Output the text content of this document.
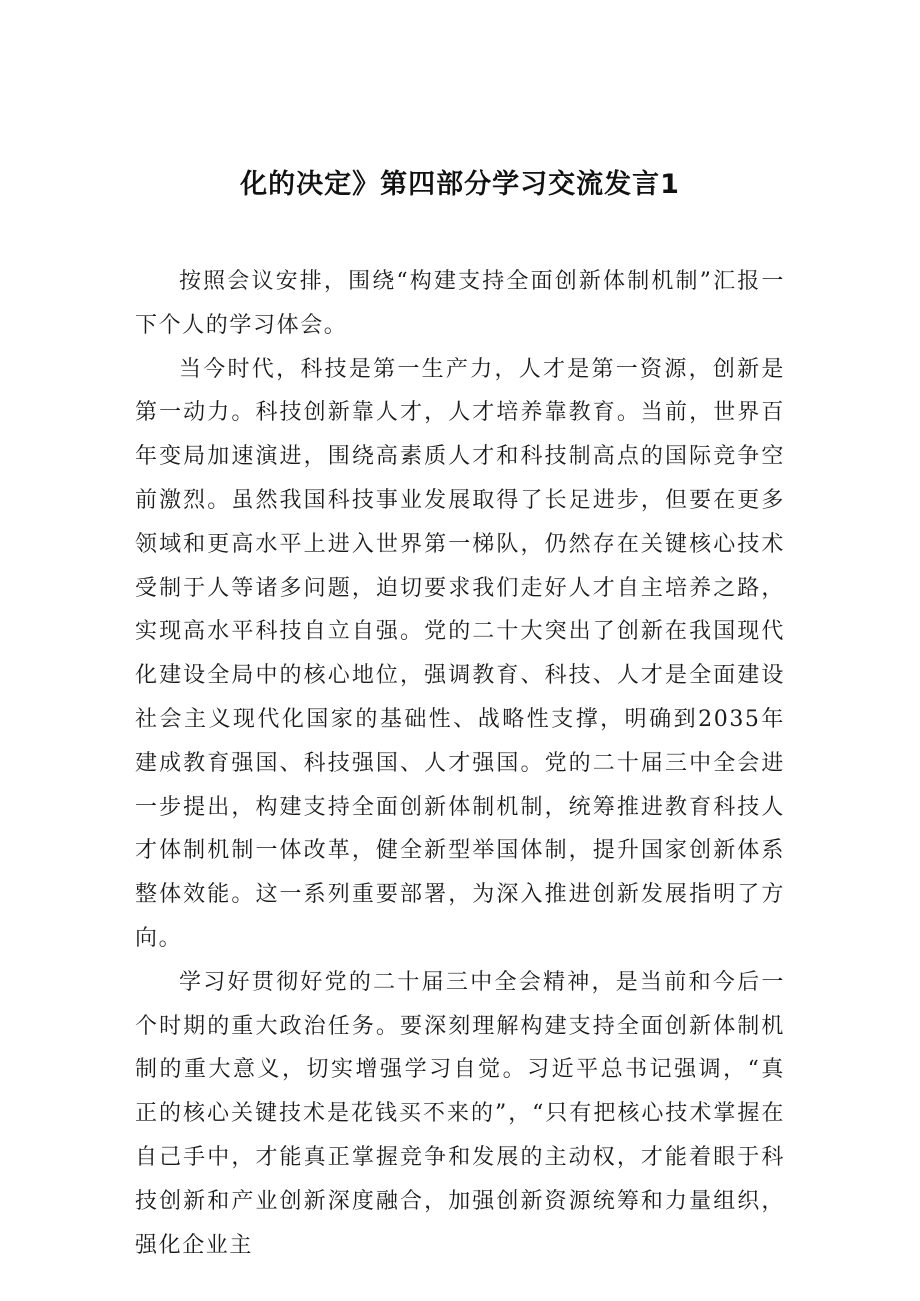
化的决定》第四部分学习交流发言1

按照会议安排，围绕“构建支持全面创新体制机制”汇报一下个人的学习体会。

当今时代，科技是第一生产力，人才是第一资源，创新是第一动力。科技创新靠人才，人才培养靠教育。当前，世界百年变局加速演进，围绕高素质人才和科技制高点的国际竞争空前激烈。虽然我国科技事业发展取得了长足进步，但要在更多领域和更高水平上进入世界第一梯队，仍然存在关键核心技术受制于人等诸多问题，迫切要求我们走好人才自主培养之路，实现高水平科技自立自强。党的二十大突出了创新在我国现代化建设全局中的核心地位，强调教育、科技、人才是全面建设社会主义现代化国家的基础性、战略性支撑，明确到2035年建成教育强国、科技强国、人才强国。党的二十届三中全会进一步提出，构建支持全面创新体制机制，统筹推进教育科技人才体制机制一体改革，健全新型举国体制，提升国家创新体系整体效能。这一系列重要部署，为深入推进创新发展指明了方向。

学习好贯彻好党的二十届三中全会精神，是当前和今后一个时期的重大政治任务。要深刻理解构建支持全面创新体制机制的重大意义，切实增强学习自觉。习近平总书记强调，“真正的核心关键技术是花钱买不来的”，“只有把核心技术掌握在自己手中，才能真正掌握竞争和发展的主动权，才能着眼于科技创新和产业创新深度融合，加强创新资源统筹和力量组织，强化企业主
